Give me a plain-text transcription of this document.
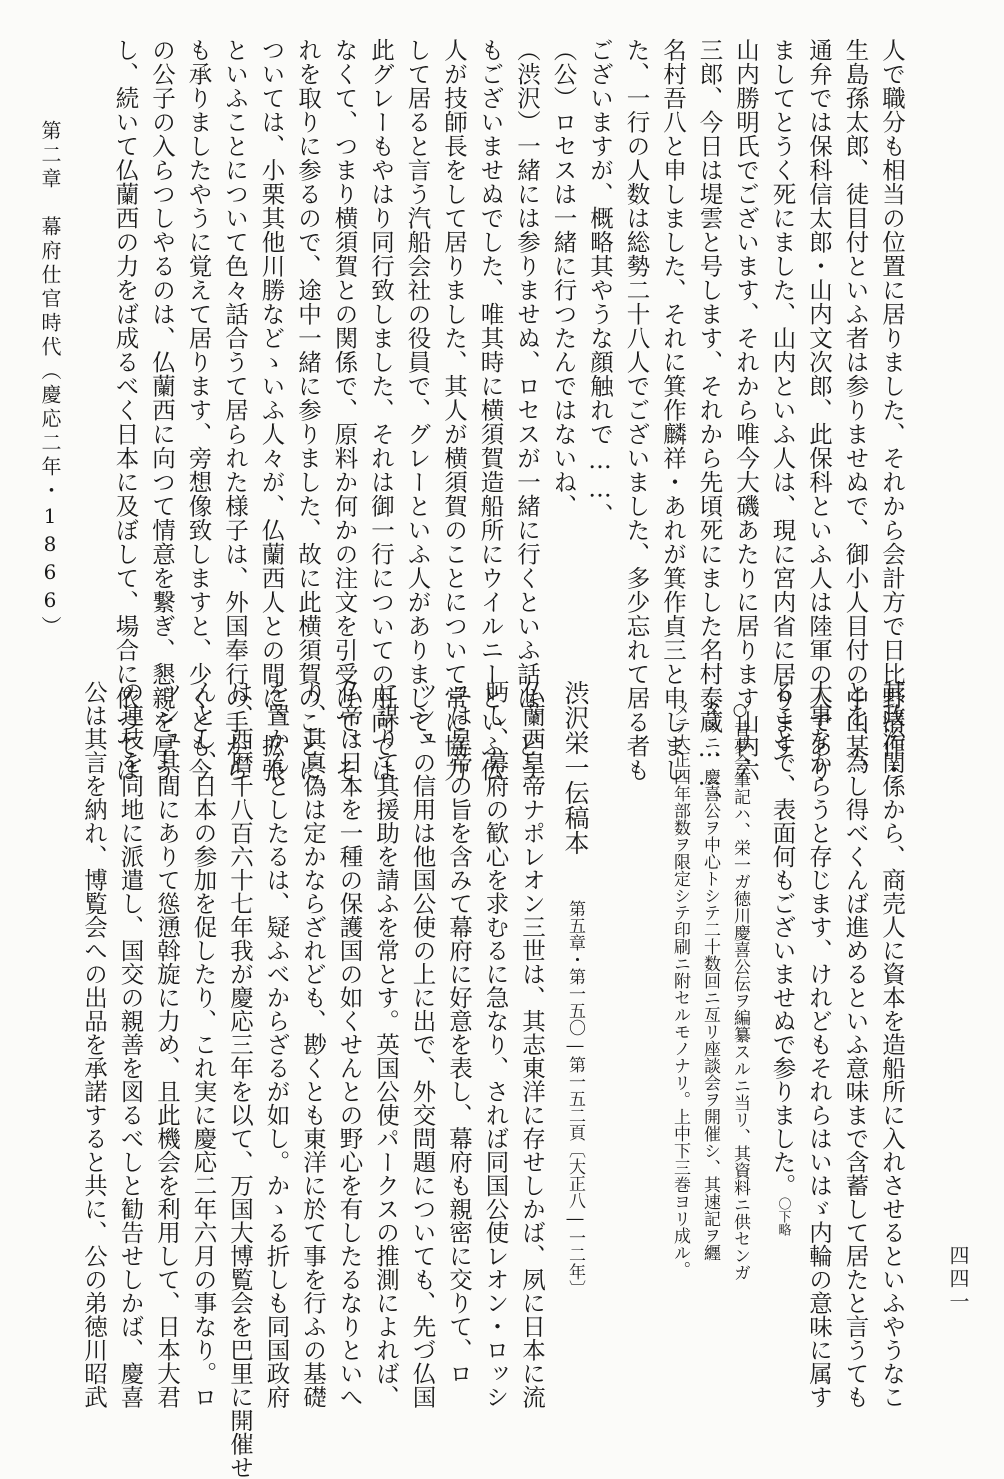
第二章　幕府仕官時代（慶応二年・1866）
四四一

人で職分も相当の位置に居りました、それから会計方で日比野清作・

生島孫太郎、徒目付といふ者は参りませぬで、御小人目付の中山某、

通弁では保科信太郎・山内文次郎、此保科といふ人は陸軍の人であり

ましてとうく死にました、山内といふ人は、現に宮内省に居ります

山内勝明氏でございます、それから唯今大磯あたりに居ります山内六

三郎、今日は堤雲と号します、それから先頃死にました名村泰蔵……、

名村吾八と申しました、それに箕作麟祥・あれが箕作貞三と申しまし

た、一行の人数は総勢二十八人でございました、多少忘れて居る者も

ございますが、概略其やうな顔触れで……、

（公）ロセスは一緒に行つたんではないね、

（渋沢）一緒には参りませぬ、ロセスが一緒に行くといふ話は、どう

もございませぬでした、唯其時に横須賀造船所にウイルニーといふ仏

人が技師長をして居りました、其人が横須賀のことについて常に協力

して居ると言う汽船会社の役員で、グレーといふ人がありまして、

此グレーもやはり同行致しました、それは御一行についての用向では

なくて、つまり横須賀との関係で、原料か何かの注文を引受けて、そ

れを取りに参るので、途中一緒に参りました、故に此横須賀のことに

ついては、小栗其他川勝などゝいふ人々が、仏蘭西人との間に、拡張

といふことについて色々話合うて居られた様子は、外国奉行の手から

も承りましたやうに覚えて居ります、旁想像致しますと、少くとも今

の公子の入らつしやるのは、仏蘭西に向つて情意を繋ぎ、懇親を厚う

し、続いて仏蘭西の力をば成るべく日本に及ぼして、場合に依つては

其政治関係から、商売人に資本を造船所に入れさせるといふやうなこ

とを、為し得べくんば進めるといふ意味まで含蓄して居たと言うても

大事なからうと存じます、けれどもそれらはいはゞ内輪の意味に属す

ることで、表面何もございませぬで参りました。〇下略

○昔夢会筆記ハ、栄一ガ徳川慶喜公伝ヲ編纂スルニ当リ、其資料ニ供センガ

タメニ、慶喜公ヲ中心トシテ二十数回ニ亙リ座談会ヲ開催シ、其速記ヲ纒

メテ大正四年部数ヲ限定シテ印刷ニ附セルモノナリ。上中下三巻ヨリ成ル。

渋沢栄一伝稿本
第五章・第一五〇―第一五二頁〔大正八―一二年〕

仏蘭西皇帝ナポレオン三世は、其志東洋に存せしかば、夙に日本に流

眄し、幕府の歓心を求むるに急なり、されば同国公使レオン・ロッシ

ユは皇帝の旨を含みて幕府に好意を表し、幕府も親密に交りて、ロ

ッシュの信用は他国公使の上に出で、外交問題についても、先づ仏国

に謀りて其援助を請ふを常とす。英国公使パークスの推測によれば、

仏帝は日本を一種の保護国の如くせんとの野心を有したるなりといへ

り、其真偽は定かならざれども、尠くとも東洋に於て事を行ふの基礎

を置かんとしたるは、疑ふべからざるが如し。かゝる折しも同国政府

は、西暦千八百六十七年我が慶応三年を以て、万国大博覧会を巴里に開催せ

んとし、日本の参加を促したり、これ実に慶応二年六月の事なり。ロ

ッシュ其間にありて慫慂斡旋に力め、且此機会を利用して、日本大君

の連枝を同地に派遣し、国交の親善を図るべしと勧告せしかば、慶喜

公は其言を納れ、博覧会への出品を承諾すると共に、公の弟徳川昭武
